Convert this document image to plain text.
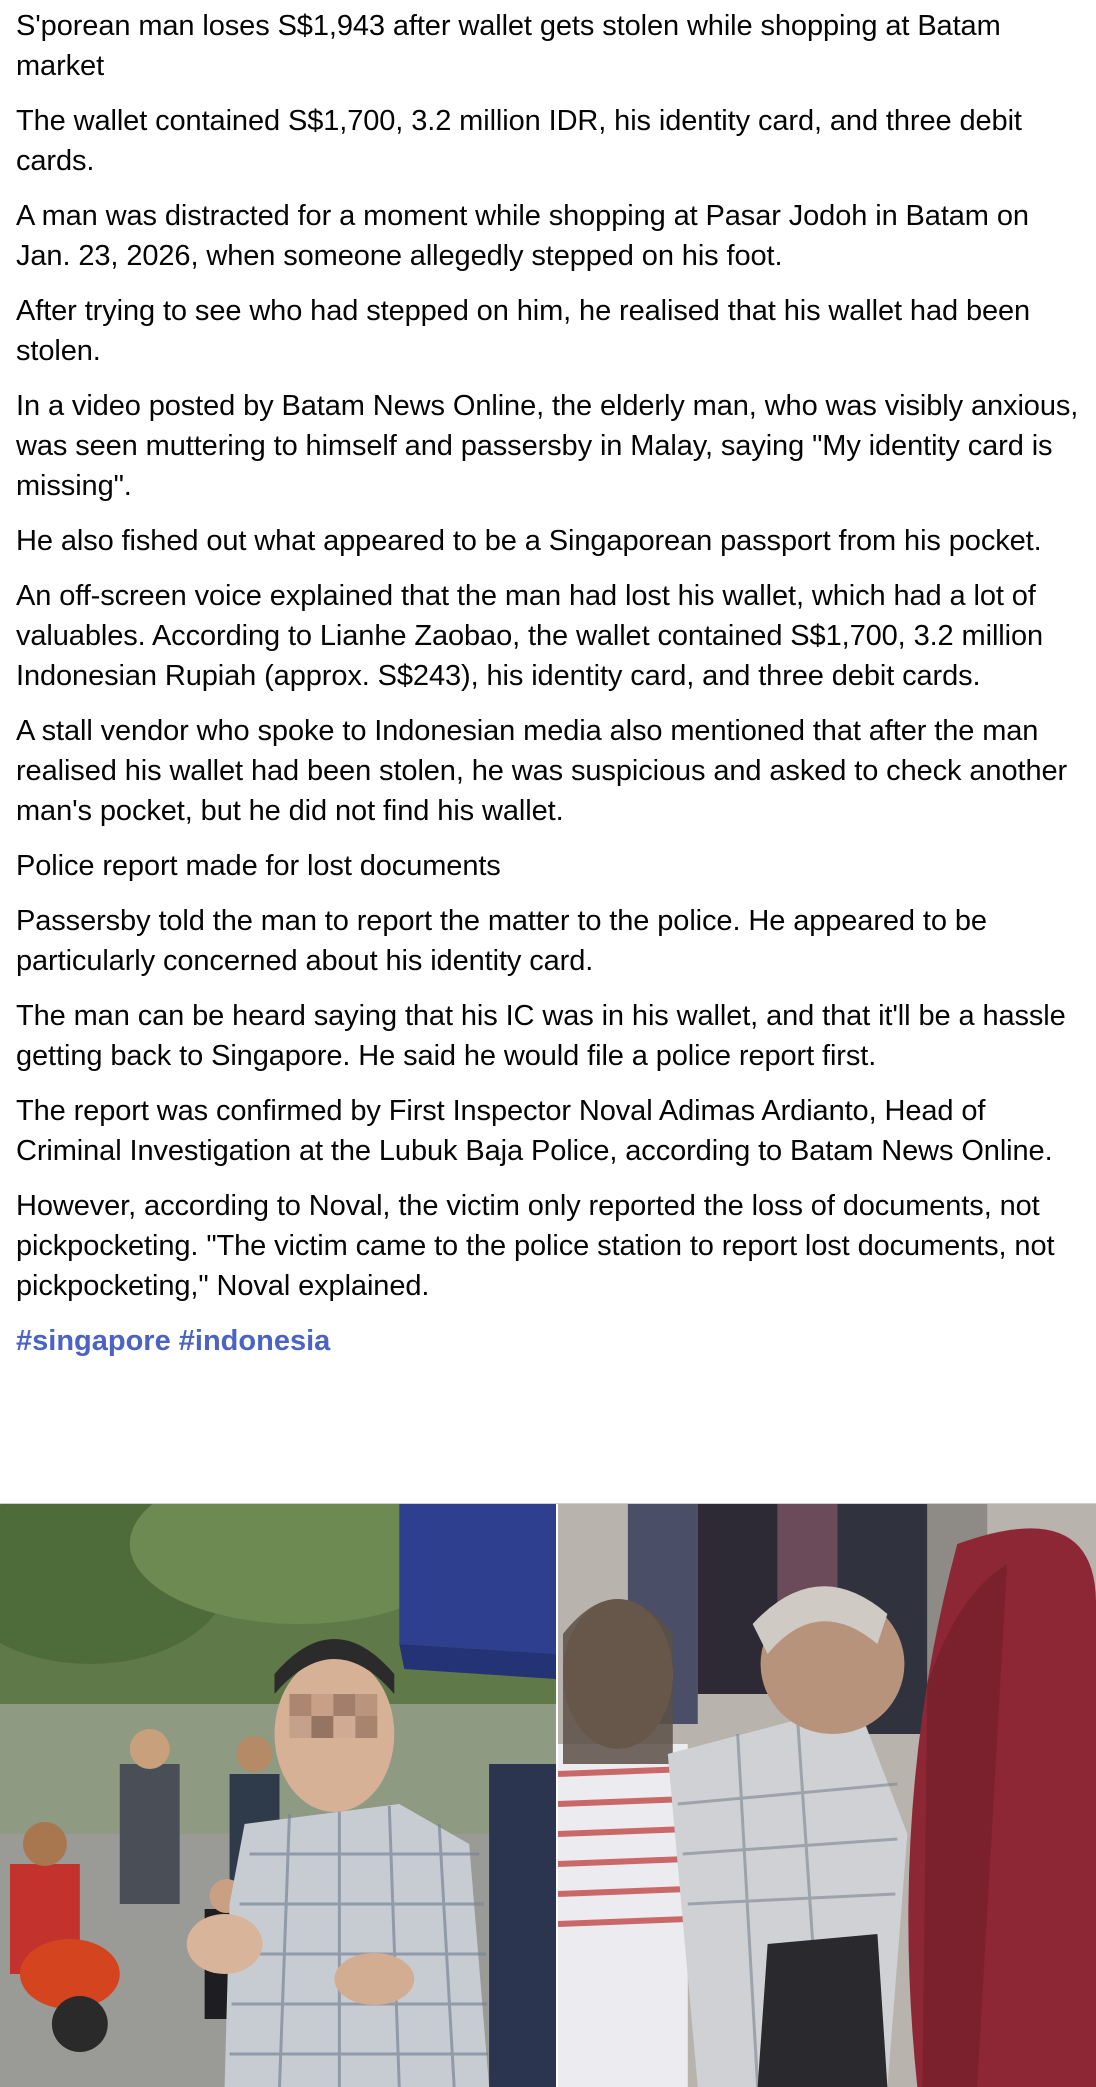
S'porean man loses S$1,943 after wallet gets stolen while shopping at Batam market

The wallet contained S$1,700, 3.2 million IDR, his identity card, and three debit cards.

A man was distracted for a moment while shopping at Pasar Jodoh in Batam on Jan. 23, 2026, when someone allegedly stepped on his foot.

After trying to see who had stepped on him, he realised that his wallet had been stolen.

In a video posted by Batam News Online, the elderly man, who was visibly anxious, was seen muttering to himself and passersby in Malay, saying "My identity card is missing".

He also fished out what appeared to be a Singaporean passport from his pocket.

An off-screen voice explained that the man had lost his wallet, which had a lot of valuables. According to Lianhe Zaobao, the wallet contained S$1,700, 3.2 million Indonesian Rupiah (approx. S$243), his identity card, and three debit cards.

A stall vendor who spoke to Indonesian media also mentioned that after the man realised his wallet had been stolen, he was suspicious and asked to check another man's pocket, but he did not find his wallet.

Police report made for lost documents

Passersby told the man to report the matter to the police. He appeared to be particularly concerned about his identity card.

The man can be heard saying that his IC was in his wallet, and that it'll be a hassle getting back to Singapore. He said he would file a police report first.

The report was confirmed by First Inspector Noval Adimas Ardianto, Head of Criminal Investigation at the Lubuk Baja Police, according to Batam News Online.

However, according to Noval, the victim only reported the loss of documents, not pickpocketing. "The victim came to the police station to report lost documents, not pickpocketing," Noval explained.

#singapore #indonesia
